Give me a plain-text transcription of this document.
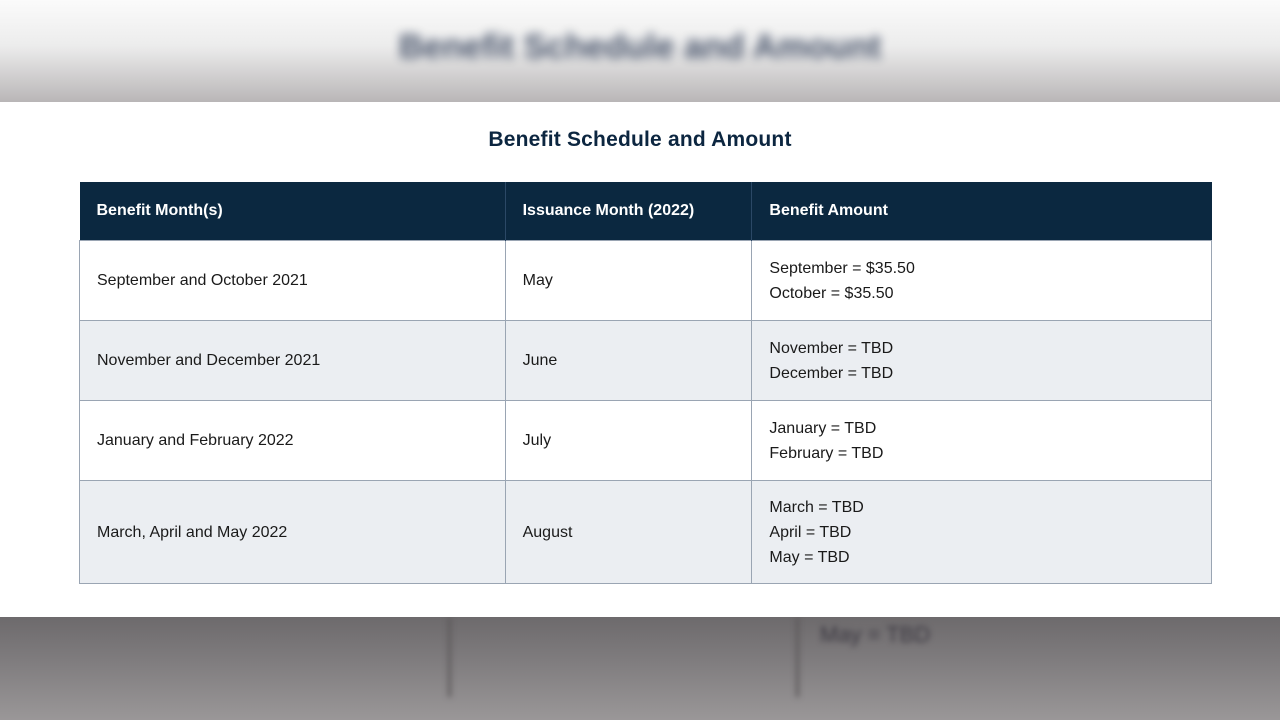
Benefit Schedule and Amount
May = TBD
Benefit Schedule and Amount
Benefit Month(s)	Issuance Month (2022)	Benefit Amount
September and October 2021	May	September = $35.50
October = $35.50

November and December 2021	June	November = TBD
December = TBD

January and February 2022	July	January = TBD
February = TBD

March, April and May 2022	August	March = TBD
April = TBD
May = TBD
